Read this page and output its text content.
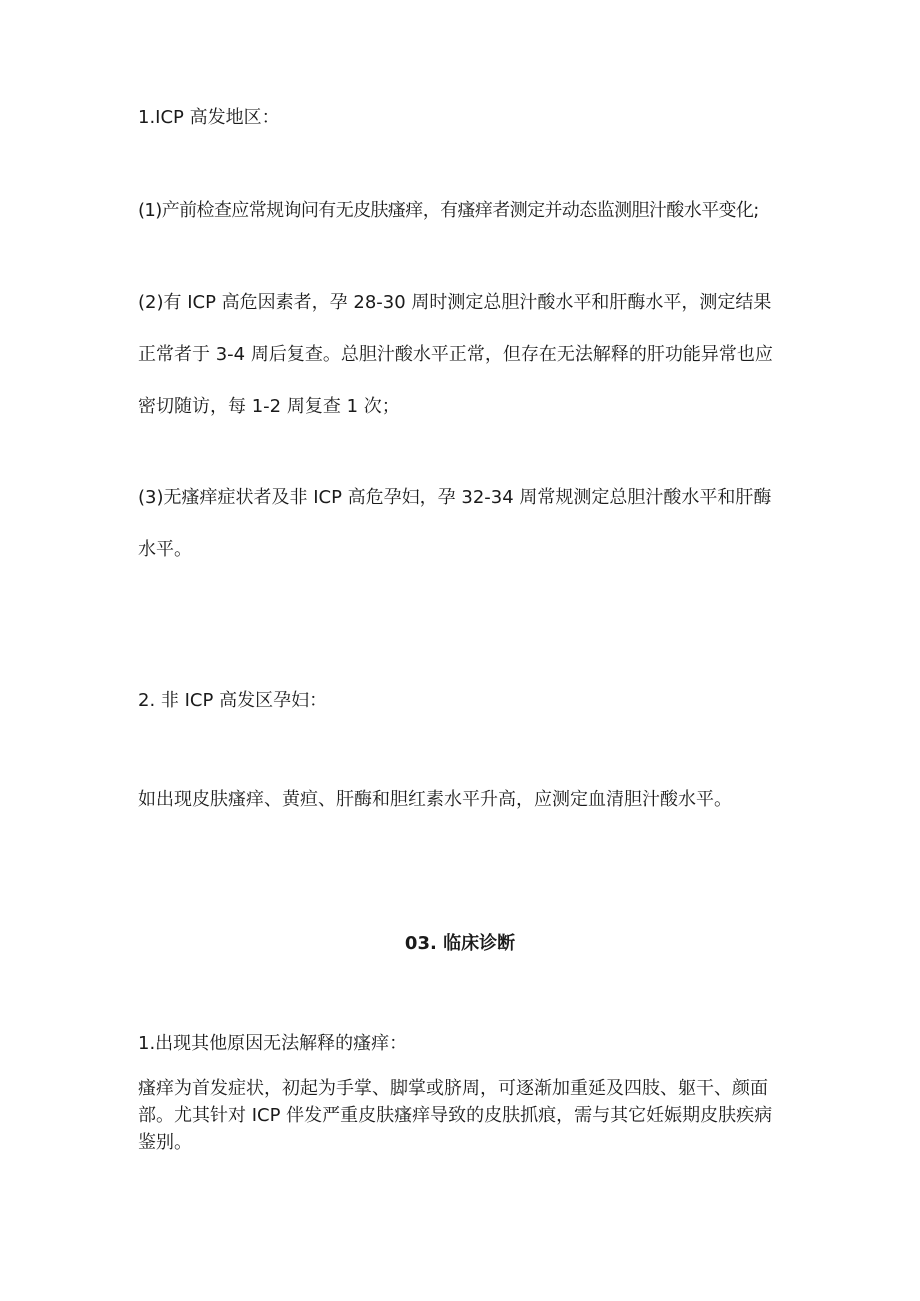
1.ICP 高发地区：
(1)产前检查应常规询问有无皮肤瘙痒，有瘙痒者测定并动态监测胆汁酸水平变化;
(2)有 ICP 高危因素者，孕 28-30 周时测定总胆汁酸水平和肝酶水平，测定结果正常者于 3-4 周后复查。总胆汁酸水平正常，但存在无法解释的肝功能异常也应密切随访，每 1-2 周复查 1 次；
(3)无瘙痒症状者及非 ICP 高危孕妇，孕 32-34 周常规测定总胆汁酸水平和肝酶水平。
2. 非 ICP 高发区孕妇：
如出现皮肤瘙痒、黄疸、肝酶和胆红素水平升高，应测定血清胆汁酸水平。
03. 临床诊断
1.出现其他原因无法解释的瘙痒：
瘙痒为首发症状，初起为手掌、脚掌或脐周，可逐渐加重延及四肢、躯干、颜面部。尤其针对 ICP 伴发严重皮肤瘙痒导致的皮肤抓痕，需与其它妊娠期皮肤疾病鉴别。
